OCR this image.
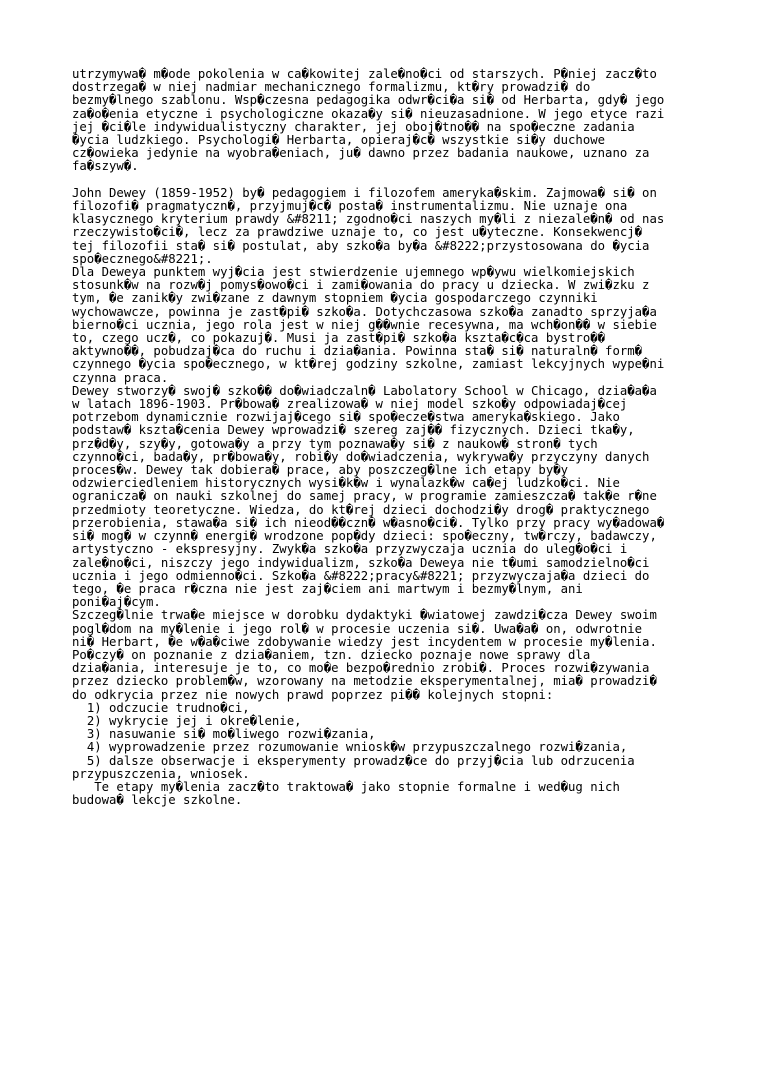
utrzymywa� m�ode pokolenia w ca�kowitej zale�no�ci od starszych. P�niej zacz�to
dostrzega� w niej nadmiar mechanicznego formalizmu, kt�ry prowadzi� do
bezmy�lnego szablonu. Wsp�czesna pedagogika odwr�ci�a si� od Herbarta, gdy� jego
za�o�enia etyczne i psychologiczne okaza�y si� nieuzasadnione. W jego etyce razi
jej �ci�le indywidualistyczny charakter, jej oboj�tno�� na spo�eczne zadania
�ycia ludzkiego. Psychologi� Herbarta, opieraj�c� wszystkie si�y duchowe
cz�owieka jedynie na wyobra�eniach, ju� dawno przez badania naukowe, uznano za
fa�szyw�.

John Dewey (1859-1952) by� pedagogiem i filozofem ameryka�skim. Zajmowa� si� on
filozofi� pragmatyczn�, przyjmuj�c� posta� instrumentalizmu. Nie uznaje ona
klasycznego kryterium prawdy &#8211; zgodno�ci naszych my�li z niezale�n� od nas
rzeczywisto�ci�, lecz za prawdziwe uznaje to, co jest u�yteczne. Konsekwencj�
tej filozofii sta� si� postulat, aby szko�a by�a &#8222;przystosowana do �ycia
spo�ecznego&#8221;.

Dla Deweya punktem wyj�cia jest stwierdzenie ujemnego wp�ywu wielkomiejskich
stosunk�w na rozw�j pomys�owo�ci i zami�owania do pracy u dziecka. W zwi�zku z
tym, �e zanik�y zwi�zane z dawnym stopniem �ycia gospodarczego czynniki
wychowawcze, powinna je zast�pi� szko�a. Dotychczasowa szko�a zanadto sprzyja�a
bierno�ci ucznia, jego rola jest w niej g��wnie recesywna, ma wch�on�� w siebie
to, czego ucz�, co pokazuj�. Musi ja zast�pi� szko�a kszta�c�ca bystro��
aktywno��, pobudzaj�ca do ruchu i dzia�ania. Powinna sta� si� naturaln� form�
czynnego �ycia spo�ecznego, w kt�rej godziny szkolne, zamiast lekcyjnych wype�ni
czynna praca.

Dewey stworzy� swoj� szko�� do�wiadczaln� Labolatory School w Chicago, dzia�a�a
w latach 1896-1903. Pr�bowa� zrealizowa� w niej model szko�y odpowiadaj�cej
potrzebom dynamicznie rozwijaj�cego si� spo�ecze�stwa ameryka�skiego. Jako
podstaw� kszta�cenia Dewey wprowadzi� szereg zaj�� fizycznych. Dzieci tka�y,
prz�d�y, szy�y, gotowa�y a przy tym poznawa�y si� z naukow� stron� tych
czynno�ci, bada�y, pr�bowa�y, robi�y do�wiadczenia, wykrywa�y przyczyny danych
proces�w. Dewey tak dobiera� prace, aby poszczeg�lne ich etapy by�y
odzwierciedleniem historycznych wysi�k�w i wynalazk�w ca�ej ludzko�ci. Nie
ogranicza� on nauki szkolnej do samej pracy, w programie zamieszcza� tak�e r�ne
przedmioty teoretyczne. Wiedza, do kt�rej dzieci dochodzi�y drog� praktycznego
przerobienia, stawa�a si� ich nieod��czn� w�asno�ci�. Tylko przy pracy wy�adowa�
si� mog� w czynn� energi� wrodzone pop�dy dzieci: spo�eczny, tw�rczy, badawczy,
artystyczno - ekspresyjny. Zwyk�a szko�a przyzwyczaja ucznia do uleg�o�ci i
zale�no�ci, niszczy jego indywidualizm, szko�a Deweya nie t�umi samodzielno�ci
ucznia i jego odmienno�ci. Szko�a &#8222;pracy&#8221; przyzwyczaja�a dzieci do
tego, �e praca r�czna nie jest zaj�ciem ani martwym i bezmy�lnym, ani
poni�aj�cym.

Szczeg�lnie trwa�e miejsce w dorobku dydaktyki �wiatowej zawdzi�cza Dewey swoim
pogl�dom na my�lenie i jego rol� w procesie uczenia si�. Uwa�a� on, odwrotnie
ni� Herbart, �e w�a�ciwe zdobywanie wiedzy jest incydentem w procesie my�lenia.
Po�czy� on poznanie z dzia�aniem, tzn. dziecko poznaje nowe sprawy dla
dzia�ania, interesuje je to, co mo�e bezpo�rednio zrobi�. Proces rozwi�zywania
przez dziecko problem�w, wzorowany na metodzie eksperymentalnej, mia� prowadzi�
do odkrycia przez nie nowych prawd poprzez pi�� kolejnych stopni:

1) odczucie trudno�ci,

2) wykrycie jej i okre�lenie,

3) nasuwanie si� mo�liwego rozwi�zania,

4) wyprowadzenie przez rozumowanie wniosk�w przypuszczalnego rozwi�zania,

5) dalsze obserwacje i eksperymenty prowadz�ce do przyj�cia lub odrzucenia
przypuszczenia, wniosek.

Te etapy my�lenia zacz�to traktowa� jako stopnie formalne i wed�ug nich
budowa� lekcje szkolne.
